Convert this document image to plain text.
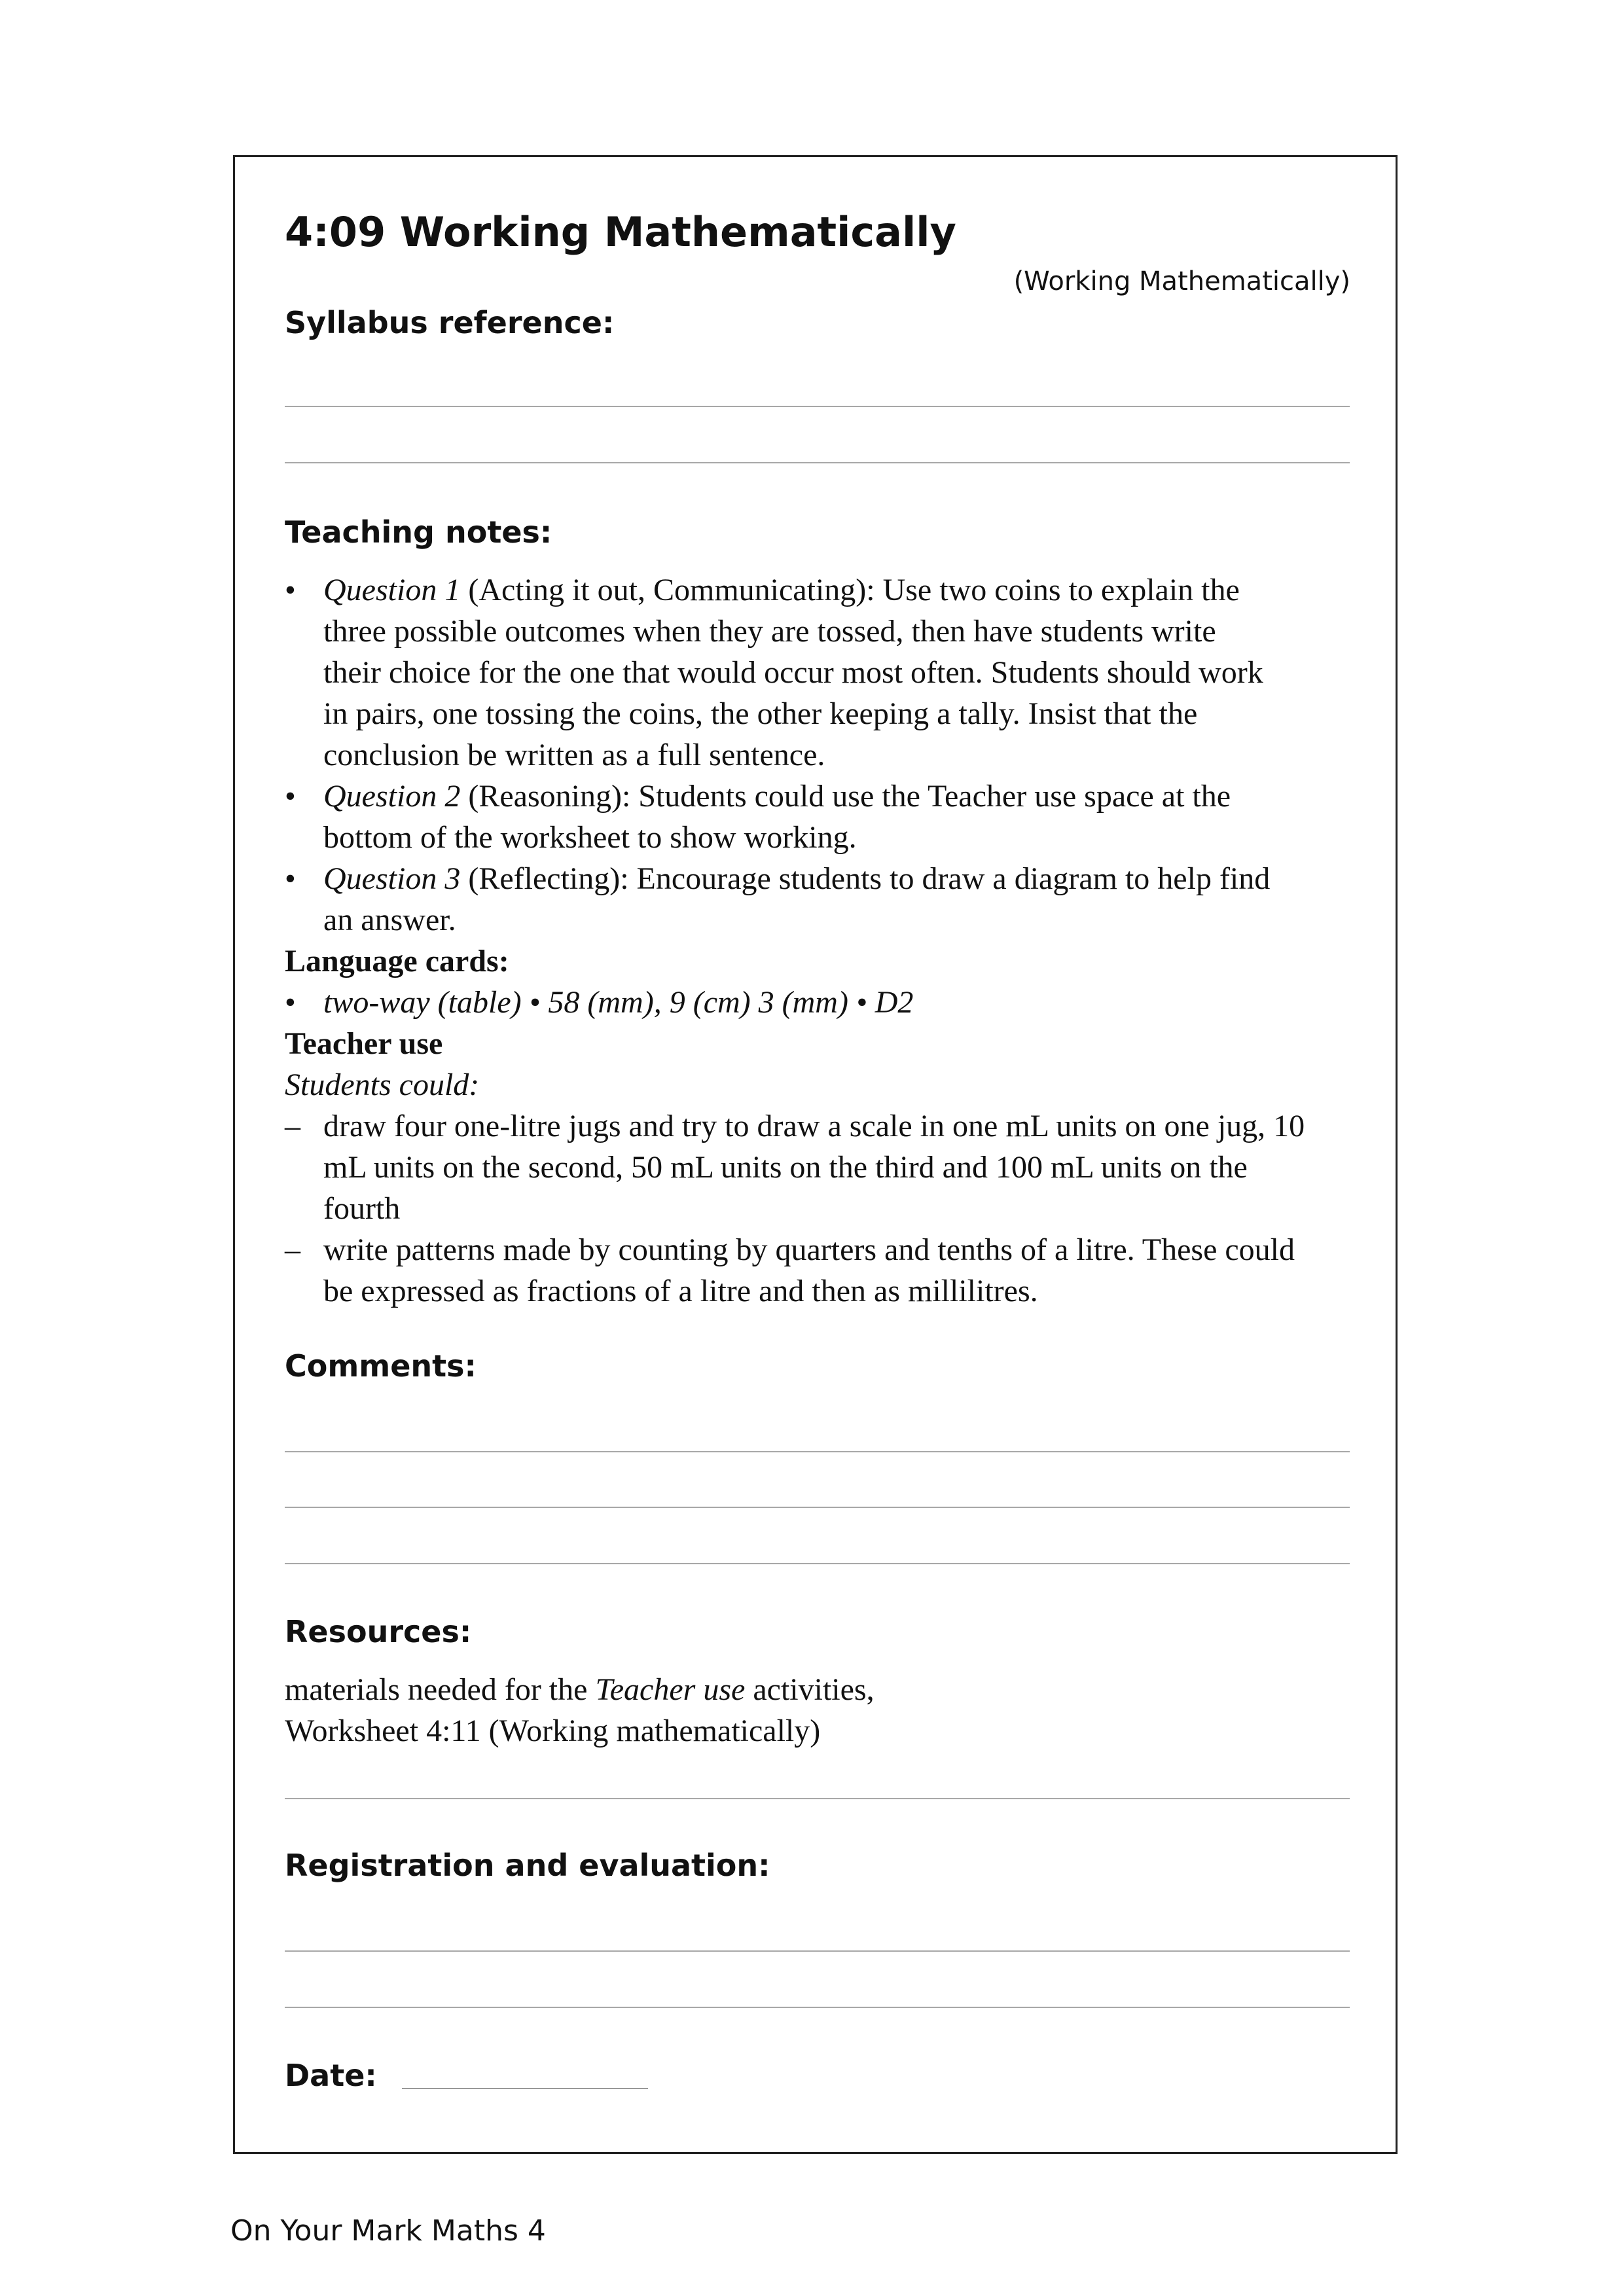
4:09 Working Mathematically
(Working Mathematically)
Syllabus reference:
Teaching notes:
• Question 1 (Acting it out, Communicating): Use two coins to explain the
three possible outcomes when they are tossed, then have students write
their choice for the one that would occur most often. Students should work
in pairs, one tossing the coins, the other keeping a tally. Insist that the
conclusion be written as a full sentence.
• Question 2 (Reasoning): Students could use the Teacher use space at the
bottom of the worksheet to show working.
• Question 3 (Reflecting): Encourage students to draw a diagram to help find
an answer.
Language cards:
• two-way (table) • 58 (mm), 9 (cm) 3 (mm) • D2
Teacher use
Students could:
– draw four one-litre jugs and try to draw a scale in one mL units on one jug, 10
mL units on the second, 50 mL units on the third and 100 mL units on the
fourth
– write patterns made by counting by quarters and tenths of a litre. These could
be expressed as fractions of a litre and then as millilitres.
Comments:
Resources:
materials needed for the Teacher use activities,
Worksheet 4:11 (Working mathematically)
Registration and evaluation:
Date:
On Your Mark Maths 4
